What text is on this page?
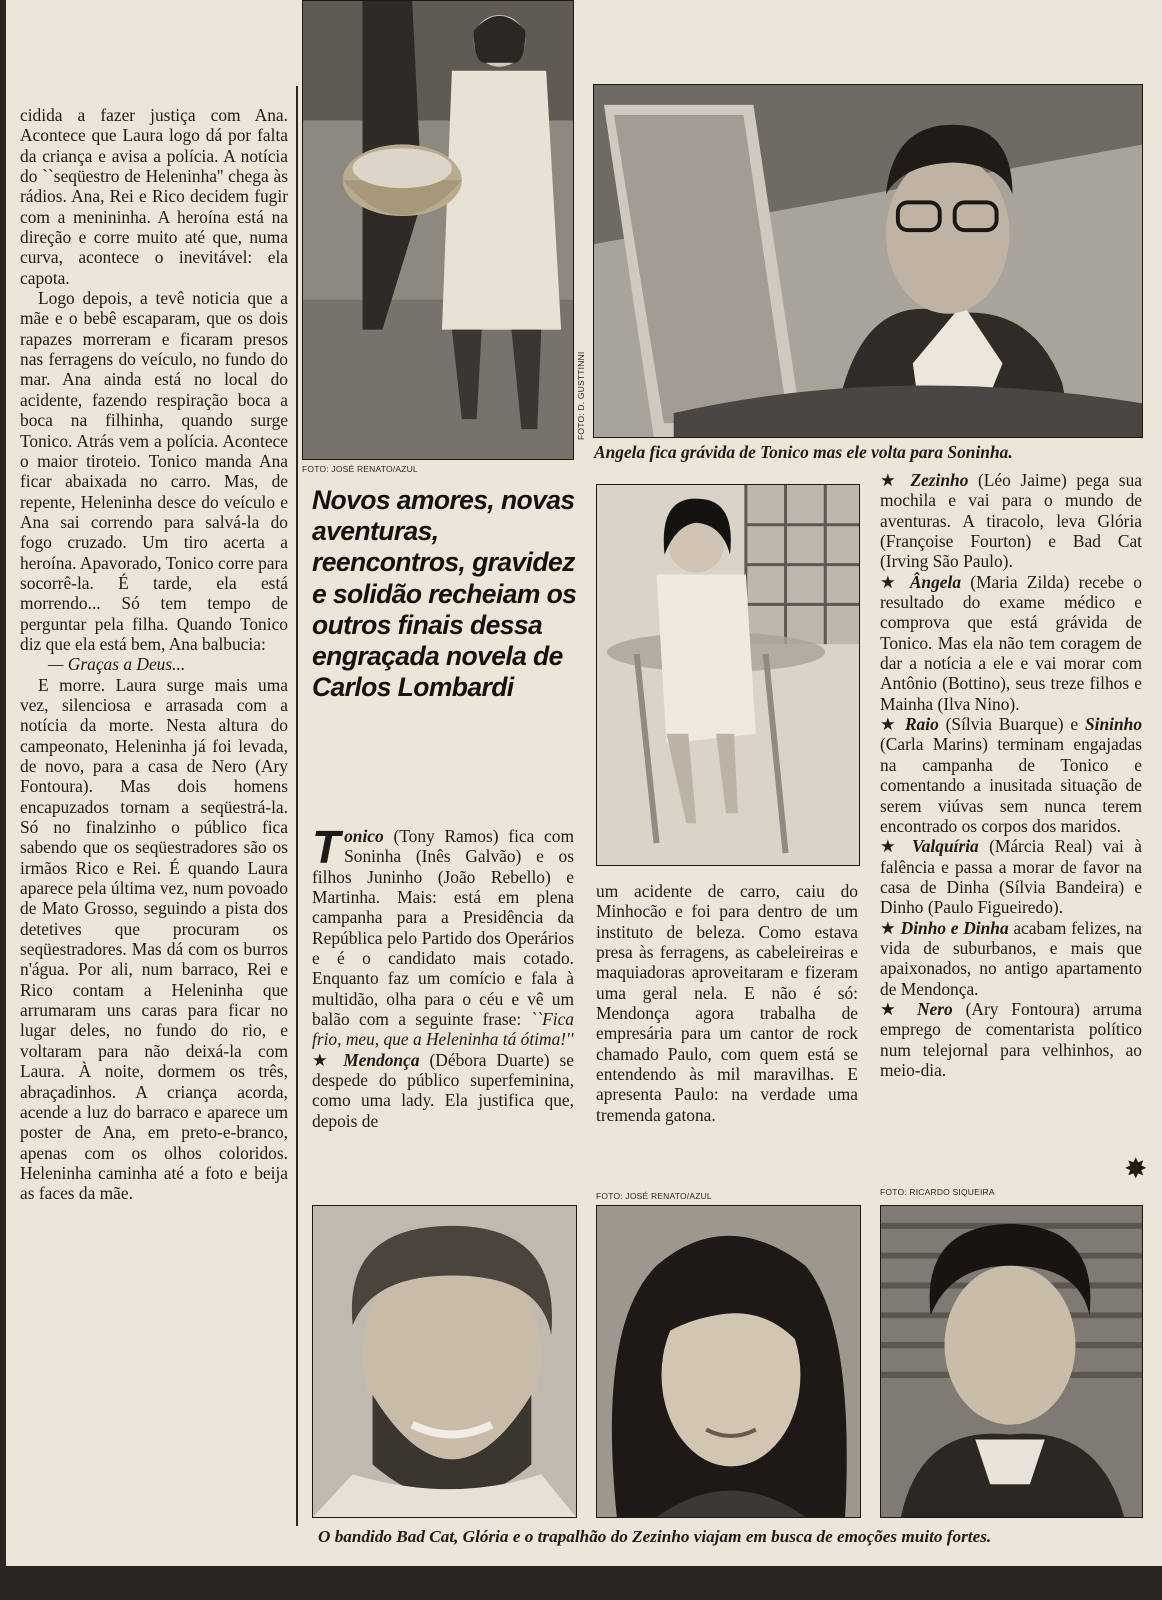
cidida a fazer justiça com Ana. Acontece que Laura logo dá por falta da criança e avisa a polícia. A notícia do ``seqüestro de Heleninha'' chega às rádios. Ana, Rei e Rico decidem fugir com a menininha. A heroína está na direção e corre muito até que, numa curva, acontece o inevitável: ela capota.

Logo depois, a tevê noticia que a mãe e o bebê escaparam, que os dois rapazes morreram e ficaram presos nas ferragens do veículo, no fundo do mar. Ana ainda está no local do acidente, fazendo respiração boca a boca na filhinha, quando surge Tonico. Atrás vem a polícia. Acontece o maior tiroteio. Tonico manda Ana ficar abaixada no carro. Mas, de repente, Heleninha desce do veículo e Ana sai correndo para salvá-la do fogo cruzado. Um tiro acerta a heroína. Apavorado, Tonico corre para socorrê-la. É tarde, ela está morrendo... Só tem tempo de perguntar pela filha. Quando Tonico diz que ela está bem, Ana balbucia:

— Graças a Deus...

E morre. Laura surge mais uma vez, silenciosa e arrasada com a notícia da morte. Nesta altura do campeonato, Heleninha já foi levada, de novo, para a casa de Nero (Ary Fontoura). Mas dois homens encapuzados tornam a seqüestrá-la. Só no finalzinho o público fica sabendo que os seqüestradores são os irmãos Rico e Rei. É quando Laura aparece pela última vez, num povoado de Mato Grosso, seguindo a pista dos detetives que procuram os seqüestradores. Mas dá com os burros n'água. Por ali, num barraco, Rei e Rico contam a Heleninha que arrumaram uns caras para ficar no lugar deles, no fundo do rio, e voltaram para não deixá-la com Laura. À noite, dormem os três, abraçadinhos. A criança acorda, acende a luz do barraco e aparece um poster de Ana, em preto-e-branco, apenas com os olhos coloridos. Heleninha caminha até a foto e beija as faces da mãe.

FOTO: JOSÉ RENATO/AZUL
FOTO: D. GUSTTINNI
Angela fica grávida de Tonico mas ele volta para Soninha.
Novos amores, novas aventuras, reencontros, gravidez e solidão recheiam os outros finais dessa engraçada novela de Carlos Lombardi

Tonico (Tony Ramos) fica com Soninha (Inês Galvão) e os filhos Juninho (João Rebello) e Martinha. Mais: está em plena campanha para a Presidência da República pelo Partido dos Operários e é o candidato mais cotado. Enquanto faz um comício e fala à multidão, olha para o céu e vê um balão com a seguinte frase: ``Fica frio, meu, que a Heleninha tá ótima!''

★ Mendonça (Débora Duarte) se despede do público superfeminina, como uma lady. Ela justifica que, depois de

um acidente de carro, caiu do Minhocão e foi para dentro de um instituto de beleza. Como estava presa às ferragens, as cabeleireiras e maquiadoras aproveitaram e fizeram uma geral nela. E não é só: Mendonça agora trabalha de empresária para um cantor de rock chamado Paulo, com quem está se entendendo às mil maravilhas. E apresenta Paulo: na verdade uma tremenda gatona.

★ Zezinho (Léo Jaime) pega sua mochila e vai para o mundo de aventuras. A tiracolo, leva Glória (Françoise Fourton) e Bad Cat (Irving São Paulo).

★ Ângela (Maria Zilda) recebe o resultado do exame médico e comprova que está grávida de Tonico. Mas ela não tem coragem de dar a notícia a ele e vai morar com Antônio (Bottino), seus treze filhos e Mainha (Ilva Nino).

★ Raio (Sílvia Buarque) e Sininho (Carla Marins) terminam engajadas na campanha de Tonico e comentando a inusitada situação de serem viúvas sem nunca terem encontrado os corpos dos maridos.

★ Valquíria (Márcia Real) vai à falência e passa a morar de favor na casa de Dinha (Sílvia Bandeira) e Dinho (Paulo Figueiredo).

★ Dinho e Dinha acabam felizes, na vida de suburbanos, e mais que apaixonados, no antigo apartamento de Mendonça.

★ Nero (Ary Fontoura) arruma emprego de comentarista político num telejornal para velhinhos, ao meio-dia.

✸
FOTO: JOSÉ RENATO/AZUL	FOTO: RICARDO SIQUEIRA
O bandido Bad Cat, Glória e o trapalhão do Zezinho viajam em busca de emoções muito fortes.
